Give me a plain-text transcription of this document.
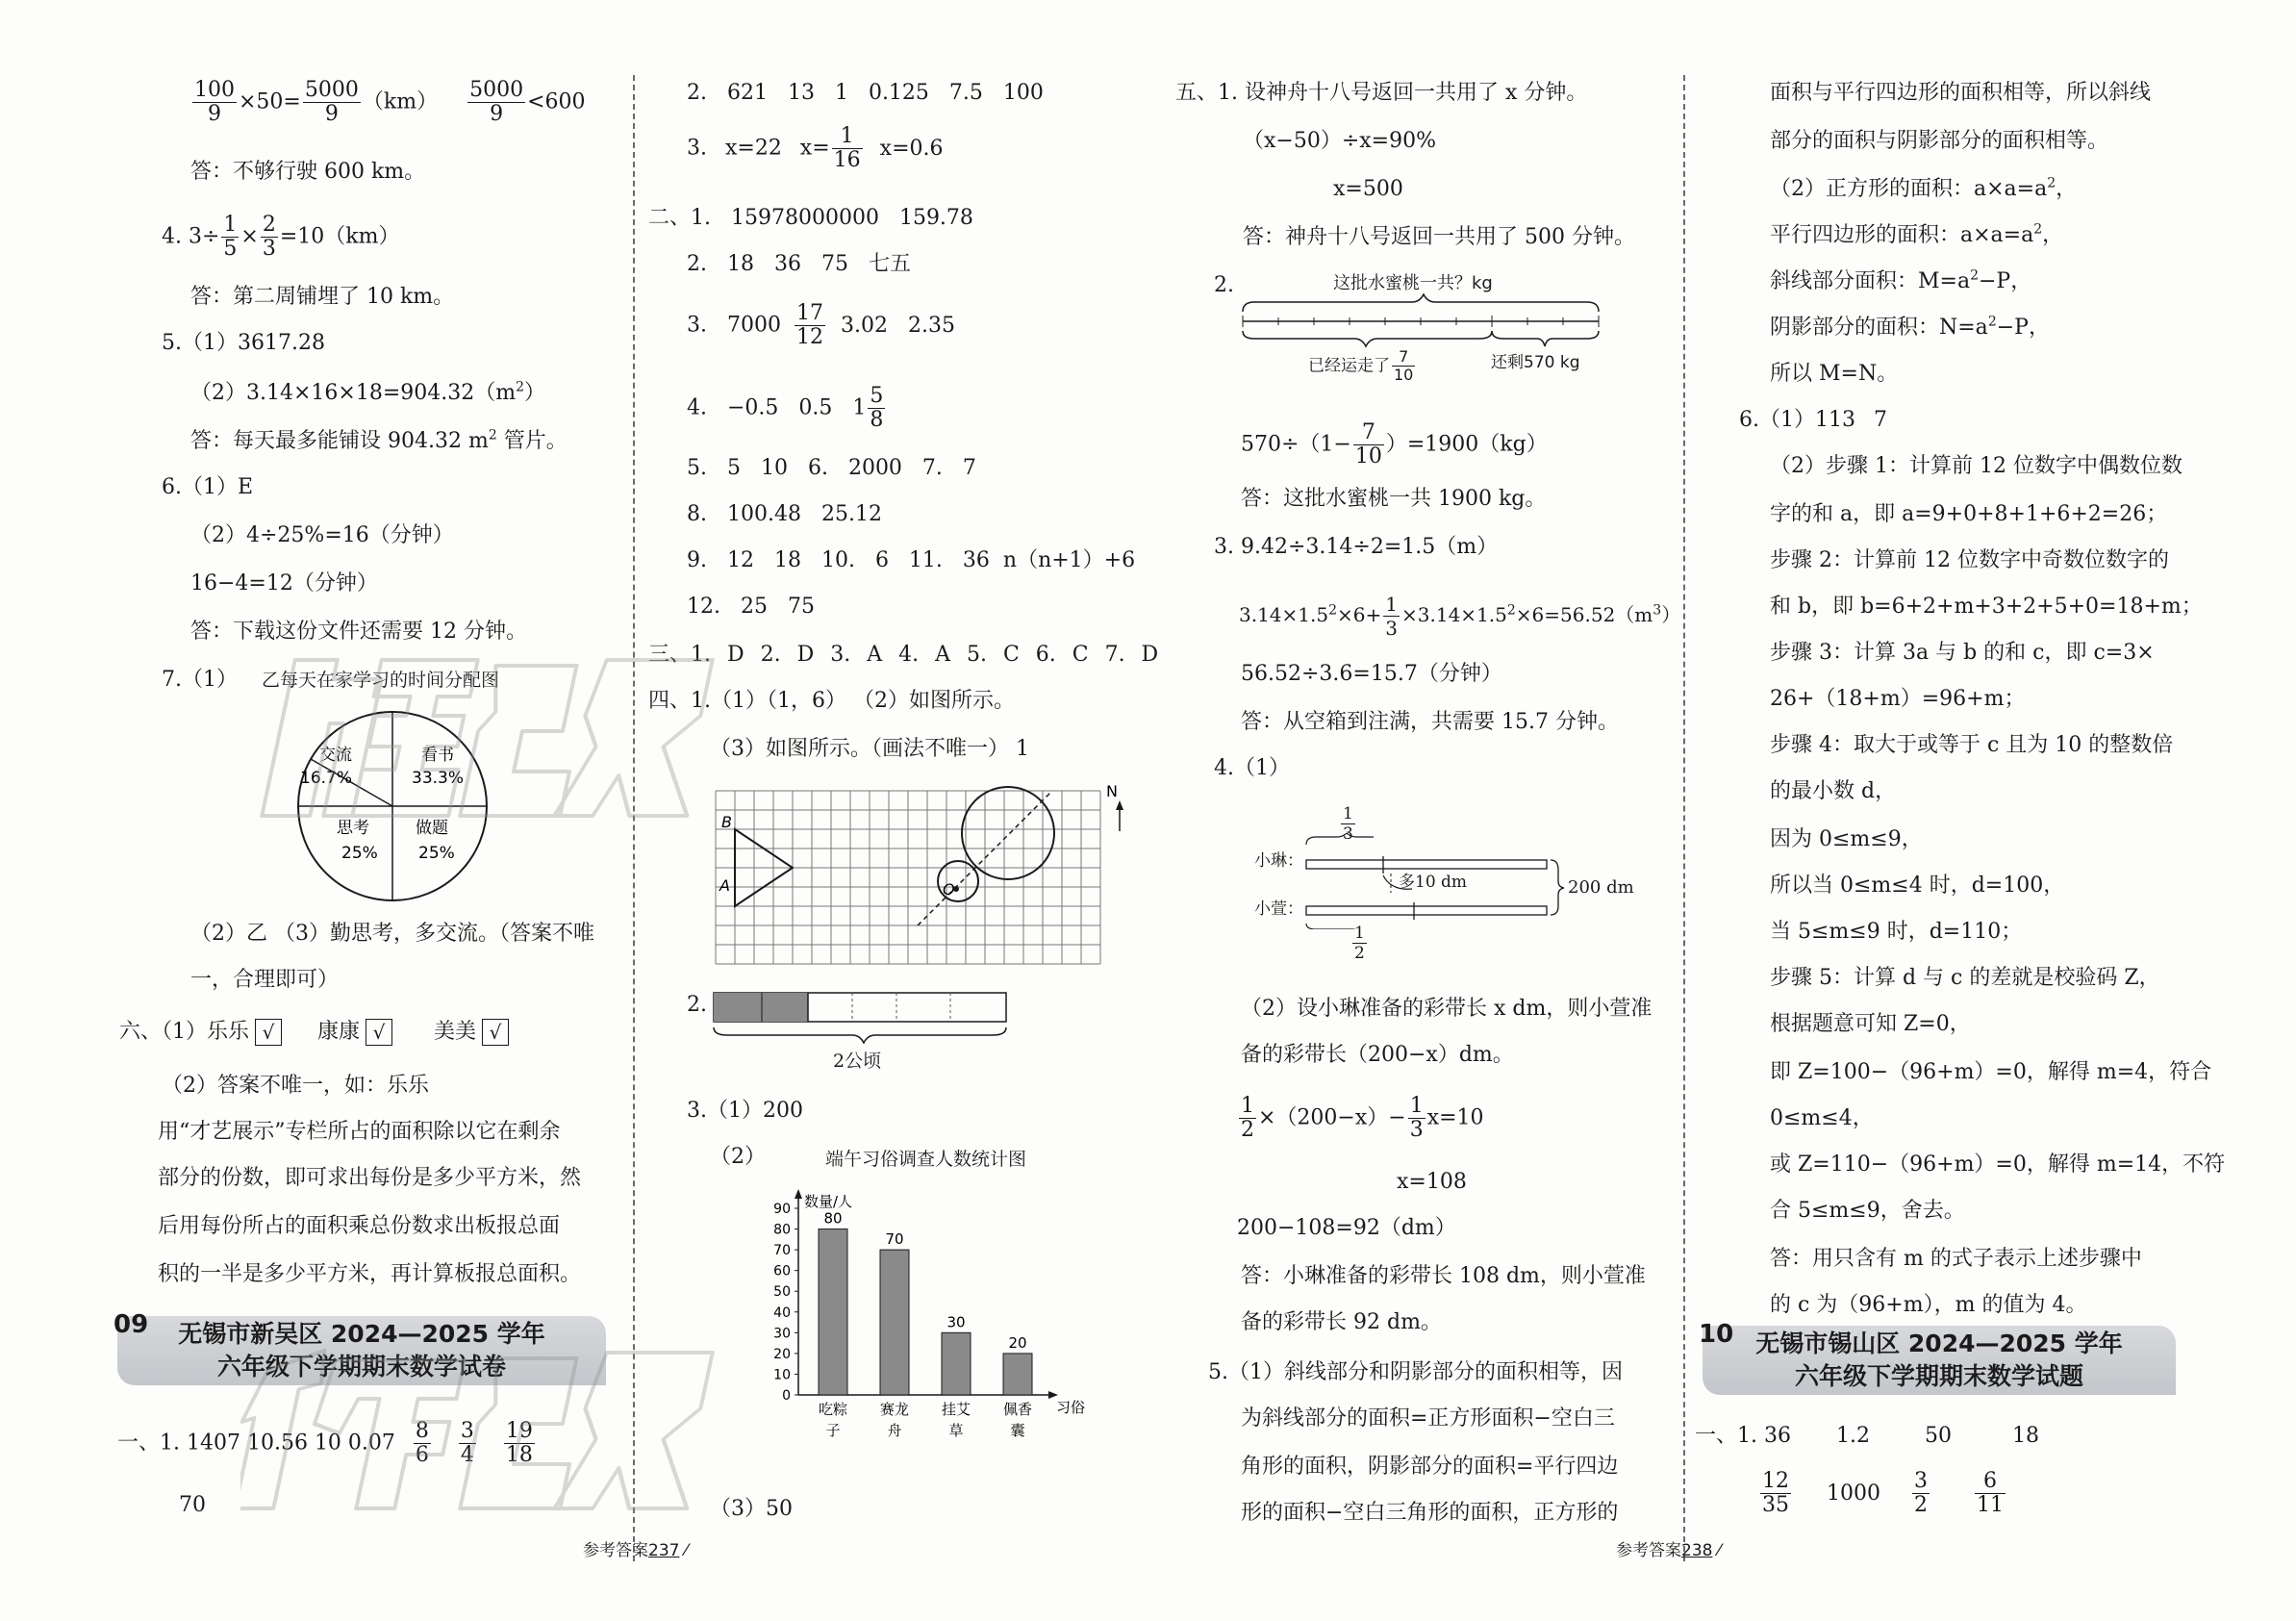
$\frac{100}{9} \times 50= \frac{5000}{9} (km) \frac{5000}{9} <600$
答：不够行驶 600 km。
4. $3\div \frac{1}{5} \times \frac{2}{3} =10(km)$
答：第二周铺埋了 10 km。
5.（1）3617.28
$(2)3.14\times 16\times 18=904.32(m^2)$
答：每天最多能铺设 904.32 $m^2$ 管片。
6.（1）E
（2）4÷25%=16（分钟）
16−4=12（分钟）
答：下载这份文件还需要 12 分钟。
7.（1） 乙每天在家学习的时间分配图
交流
16.7%
看书
33.3%
思考
25%
做题
25%
（2）乙 （3）勤思考，多交流。（答案不唯
一，合理即可）
六、（1）乐乐 √ 康康 √ 美美 √
（2）答案不唯一，如：乐乐
用“才艺展示”专栏所占的面积除以它在剩余
部分的份数，即可求出每份是多少平方米，然
后用每份所占的面积乘总份数求出板报总面
积的一半是多少平方米，再计算板报总面积。
09	无锡市新吴区 2024—2025 学年
六年级下学期期末数学试卷
一、1. 1407 10.56 10 $0.07 \frac{8}{6}$
$\frac{3}{4}$
$\frac{19}{18}$
70
2. 621 13 1 0.125 7.5 100
3. x=22 $x= \frac{1}{16} x=0.6$
二、1. 15978000000 159.78
2. 18 36 75 七五
3. $7000 \frac{17}{12} 3.02$ 2.35
4. −0.5 0.5 $1 \frac{5}{8}$
5. 5 10 6. 2000 7. 7
8. 100.48 25.12
9. 12 18 10. 6 11. 36 n（n+1）+6
12. 25 75
三、1. D 2. D 3. A 4. A 5. C 6. C 7. D
四、1.（1）（1，6） （2）如图所示。
（3）如图所示。（画法不唯一） 1
B
A	O
N
2.
2公顷
3.（1）200
（2）	端午习俗调查人数统计图
数量/人
习俗
0
10
20
30
40
50
60
70
80
90
80
吃粽
子
70
赛龙
舟
30
挂艾
草
20
佩香
囊
（3）50
五、1. 设神舟十八号返回一共用了 x 分钟。
（x−50）÷x=90%
x=500
答：神舟十八号返回一共用了 500 分钟。
2.	这批水蜜桃一共？kg
已经运走了 $\frac{7}{10}$	还剩570 kg
$570\div(1- \frac{7}{10} )=1900(kg)$
答：这批水蜜桃一共 1900 kg。
3. 9.42÷3.14÷2=1.5（m）
$3.14\times 1.5^2\times 6+ \frac{1}{3} \times 3.14\times 1.5^2\times 6=56.52(m^3)$
56.52÷3.6=15.7（分钟）
答：从空箱到注满，共需要 15.7 分钟。
4.（1）
$\frac{1}{3}$
小琳：
小萱：
多10 dm	200 dm
$\frac{1}{2}$
（2）设小琳准备的彩带长 x dm，则小萱准
备的彩带长（200−x）dm。
$\frac{1}{2} \times(200-x)- \frac{1}{3} x=10$
x=108
200−108=92（dm）
答：小琳准备的彩带长 108 dm，则小萱准
备的彩带长 92 dm。
5.（1）斜线部分和阴影部分的面积相等，因
为斜线部分的面积=正方形面积−空白三
角形的面积，阴影部分的面积=平行四边
形的面积−空白三角形的面积，正方形的
面积与平行四边形的面积相等，所以斜线
部分的面积与阴影部分的面积相等。
（2）正方形的面积：$a\times a=a^2$，
平行四边形的面积：$a\times a=a^2$，
斜线部分面积：$M=a^2-P$，
阴影部分的面积：$N=a^2-P$，
所以 M=N。
6.（1）113 7
（2）步骤 1：计算前 12 位数字中偶数位数
字的和 a，即 a=9+0+8+1+6+2=26；
步骤 2：计算前 12 位数字中奇数位数字的
和 b，即 b=6+2+m+3+2+5+0=18+m；
步骤 3：计算 3a 与 b 的和 c，即 c=3×
26+（18+m）=96+m；
步骤 4：取大于或等于 c 且为 10 的整数倍
的最小数 d，
因为 0≤m≤9，
所以当 0≤m≤4 时，d=100，
当 5≤m≤9 时，d=110；
步骤 5：计算 d 与 c 的差就是校验码 Z，
根据题意可知 Z=0，
即 Z=100−（96+m）=0，解得 m=4，符合
0≤m≤4，
或 Z=110−（96+m）=0，解得 m=14，不符
合 5≤m≤9，舍去。
答：用只含有 m 的式子表示上述步骤中
的 c 为（96+m），m 的值为 4。
10 无锡市锡山区 2024—2025 学年
六年级下学期期末数学试题
一、1. 36 1.2	50	18
$\frac{12}{35} 1000 \frac{3}{2}$
$\frac{6}{11}$
参考答案237 ⁄	参考答案238 ⁄
